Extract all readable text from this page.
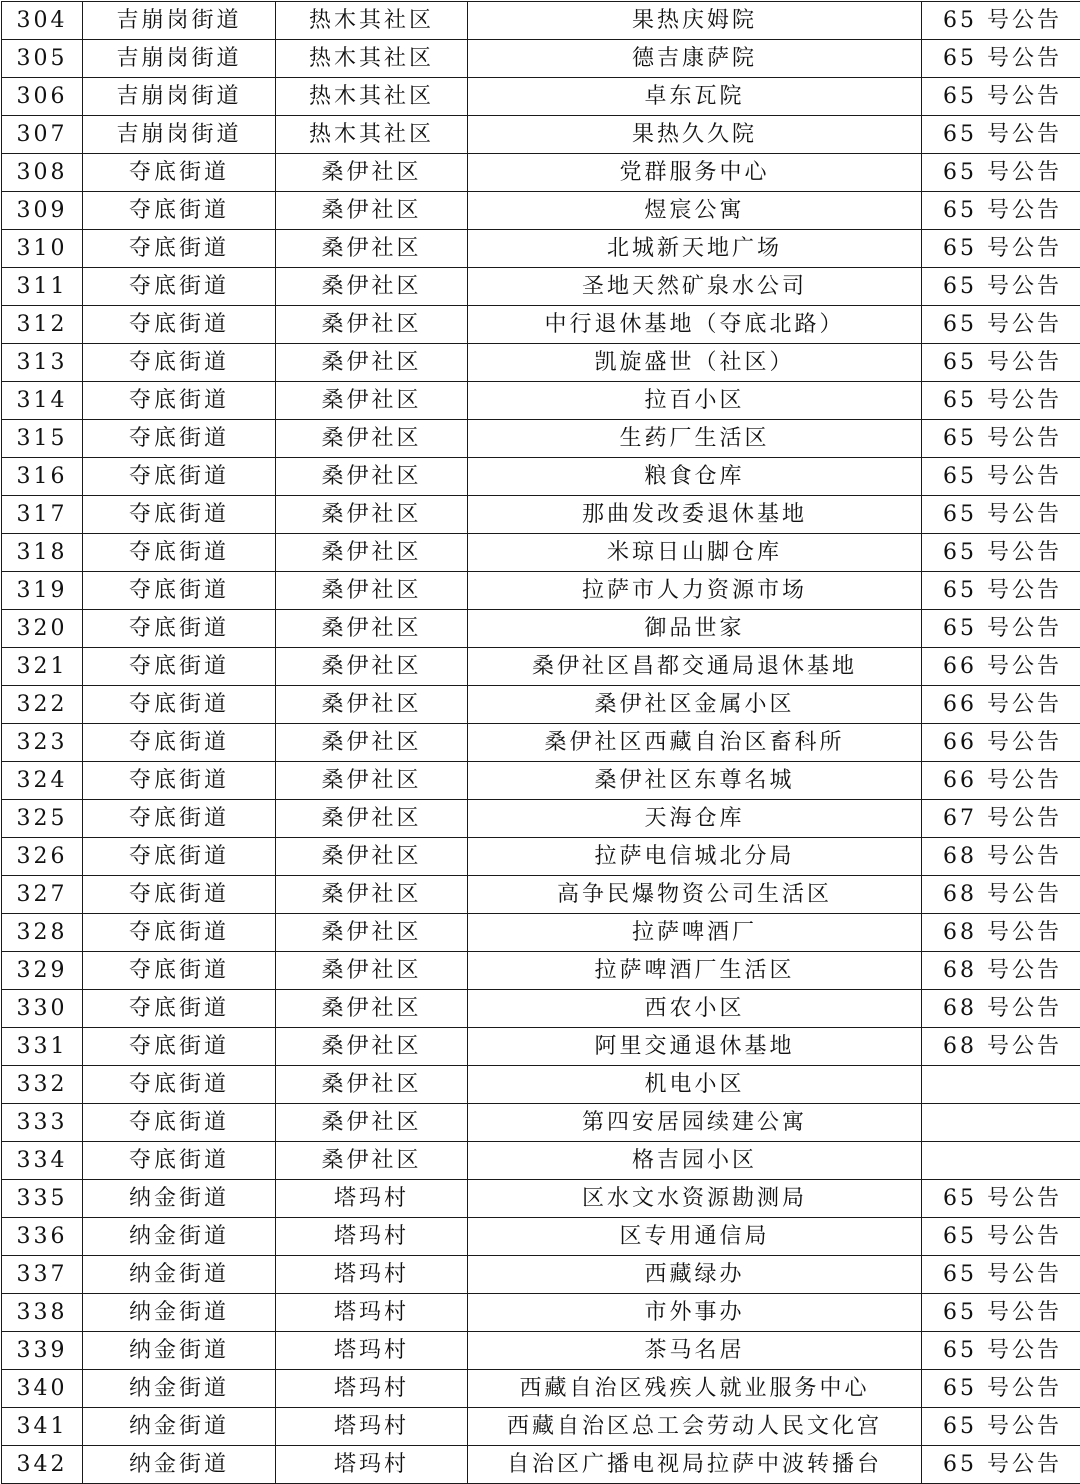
304	吉崩岗街道	热木其社区	果热庆姆院	65 号公告
305	吉崩岗街道	热木其社区	德吉康萨院	65 号公告
306	吉崩岗街道	热木其社区	卓东瓦院	65 号公告
307	吉崩岗街道	热木其社区	果热久久院	65 号公告
308	夺底街道	桑伊社区	党群服务中心	65 号公告
309	夺底街道	桑伊社区	煜宸公寓	65 号公告
310	夺底街道	桑伊社区	北城新天地广场	65 号公告
311	夺底街道	桑伊社区	圣地天然矿泉水公司	65 号公告
312	夺底街道	桑伊社区	中行退休基地（夺底北路）	65 号公告
313	夺底街道	桑伊社区	凯旋盛世（社区）	65 号公告
314	夺底街道	桑伊社区	拉百小区	65 号公告
315	夺底街道	桑伊社区	生药厂生活区	65 号公告
316	夺底街道	桑伊社区	粮食仓库	65 号公告
317	夺底街道	桑伊社区	那曲发改委退休基地	65 号公告
318	夺底街道	桑伊社区	米琼日山脚仓库	65 号公告
319	夺底街道	桑伊社区	拉萨市人力资源市场	65 号公告
320	夺底街道	桑伊社区	御品世家	65 号公告
321	夺底街道	桑伊社区	桑伊社区昌都交通局退休基地	66 号公告
322	夺底街道	桑伊社区	桑伊社区金属小区	66 号公告
323	夺底街道	桑伊社区	桑伊社区西藏自治区畜科所	66 号公告
324	夺底街道	桑伊社区	桑伊社区东尊名城	66 号公告
325	夺底街道	桑伊社区	天海仓库	67 号公告
326	夺底街道	桑伊社区	拉萨电信城北分局	68 号公告
327	夺底街道	桑伊社区	高争民爆物资公司生活区	68 号公告
328	夺底街道	桑伊社区	拉萨啤酒厂	68 号公告
329	夺底街道	桑伊社区	拉萨啤酒厂生活区	68 号公告
330	夺底街道	桑伊社区	西农小区	68 号公告
331	夺底街道	桑伊社区	阿里交通退休基地	68 号公告
332	夺底街道	桑伊社区	机电小区	
333	夺底街道	桑伊社区	第四安居园续建公寓	
334	夺底街道	桑伊社区	格吉园小区	
335	纳金街道	塔玛村	区水文水资源勘测局	65 号公告
336	纳金街道	塔玛村	区专用通信局	65 号公告
337	纳金街道	塔玛村	西藏绿办	65 号公告
338	纳金街道	塔玛村	市外事办	65 号公告
339	纳金街道	塔玛村	茶马名居	65 号公告
340	纳金街道	塔玛村	西藏自治区残疾人就业服务中心	65 号公告
341	纳金街道	塔玛村	西藏自治区总工会劳动人民文化宫	65 号公告
342	纳金街道	塔玛村	自治区广播电视局拉萨中波转播台	65 号公告
